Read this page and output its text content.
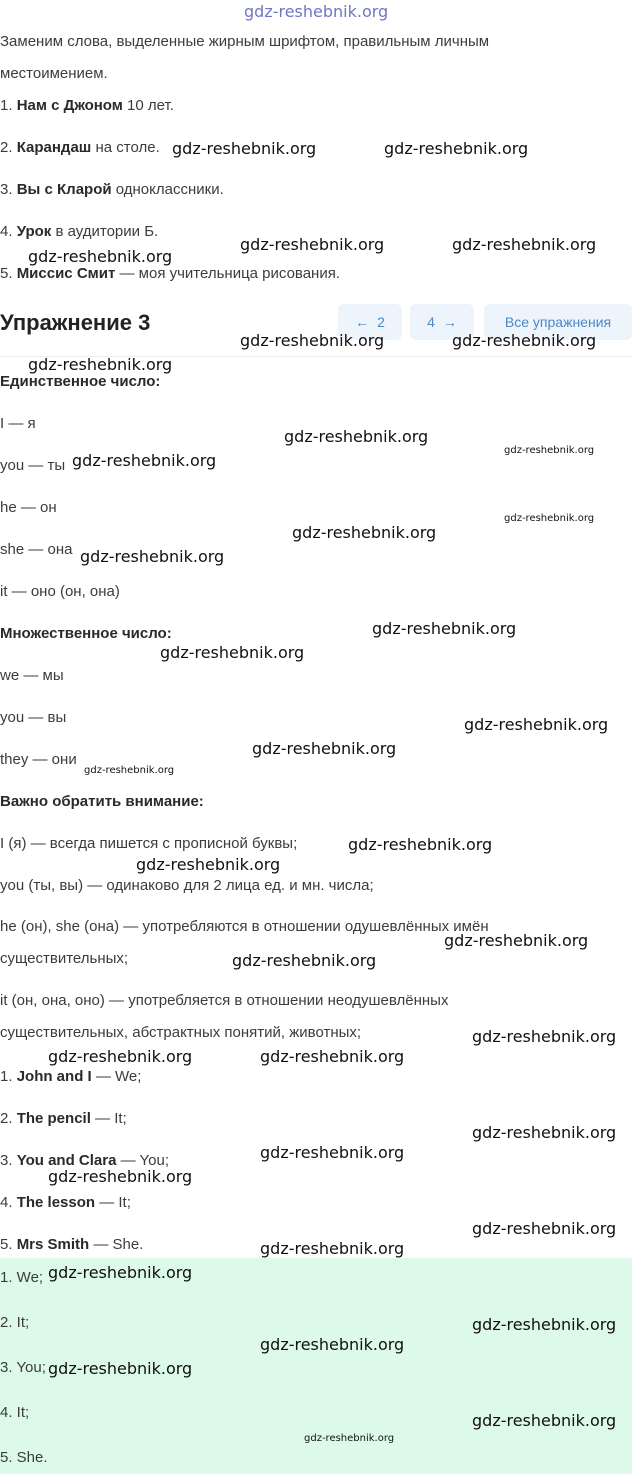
gdz-reshebnik.org
Заменим слова, выделенные жирным шрифтом, правильным личным
местоимением.
1. Нам с Джоном 10 лет.
2. Карандаш на столе.
3. Вы с Кларой одноклассники.
4. Урок в аудитории Б.
5. Миссис Смит — моя учительница рисования.
Упражнение 3	← 2	4 →	Все упражнения
Единственное число:
I — я
you — ты
he — он
she — она
it — оно (он, она)
Множественное число:
we — мы
you — вы
they — они
Важно обратить внимание:
I (я) — всегда пишется с прописной буквы;
you (ты, вы) — одинаково для 2 лица ед. и мн. числа;
he (он), she (она) — употребляются в отношении одушевлённых имён
существительных;
it (он, она, оно) — употребляется в отношении неодушевлённых
существительных, абстрактных понятий, животных;
1. John and I — We;
2. The pencil — It;
3. You and Clara — You;
4. The lesson — It;
5. Mrs Smith — She.
1. We;
2. It;
3. You;
4. It;
5. She.
gdz-reshebnik.org	gdz-reshebnik.org
gdz-reshebnik.org
gdz-reshebnik.org	gdz-reshebnik.org
gdz-reshebnik.org	gdz-reshebnik.org
gdz-reshebnik.org
gdz-reshebnik.org
gdz-reshebnik.org
gdz-reshebnik.org
gdz-reshebnik.org
gdz-reshebnik.org
gdz-reshebnik.org
gdz-reshebnik.org
gdz-reshebnik.org
gdz-reshebnik.org
gdz-reshebnik.org
gdz-reshebnik.org
gdz-reshebnik.org
gdz-reshebnik.org
gdz-reshebnik.org
gdz-reshebnik.org
gdz-reshebnik.org
gdz-reshebnik.org	gdz-reshebnik.org
gdz-reshebnik.org
gdz-reshebnik.org
gdz-reshebnik.org
gdz-reshebnik.org
gdz-reshebnik.org
gdz-reshebnik.org
gdz-reshebnik.org
gdz-reshebnik.org
gdz-reshebnik.org
gdz-reshebnik.org
gdz-reshebnik.org
